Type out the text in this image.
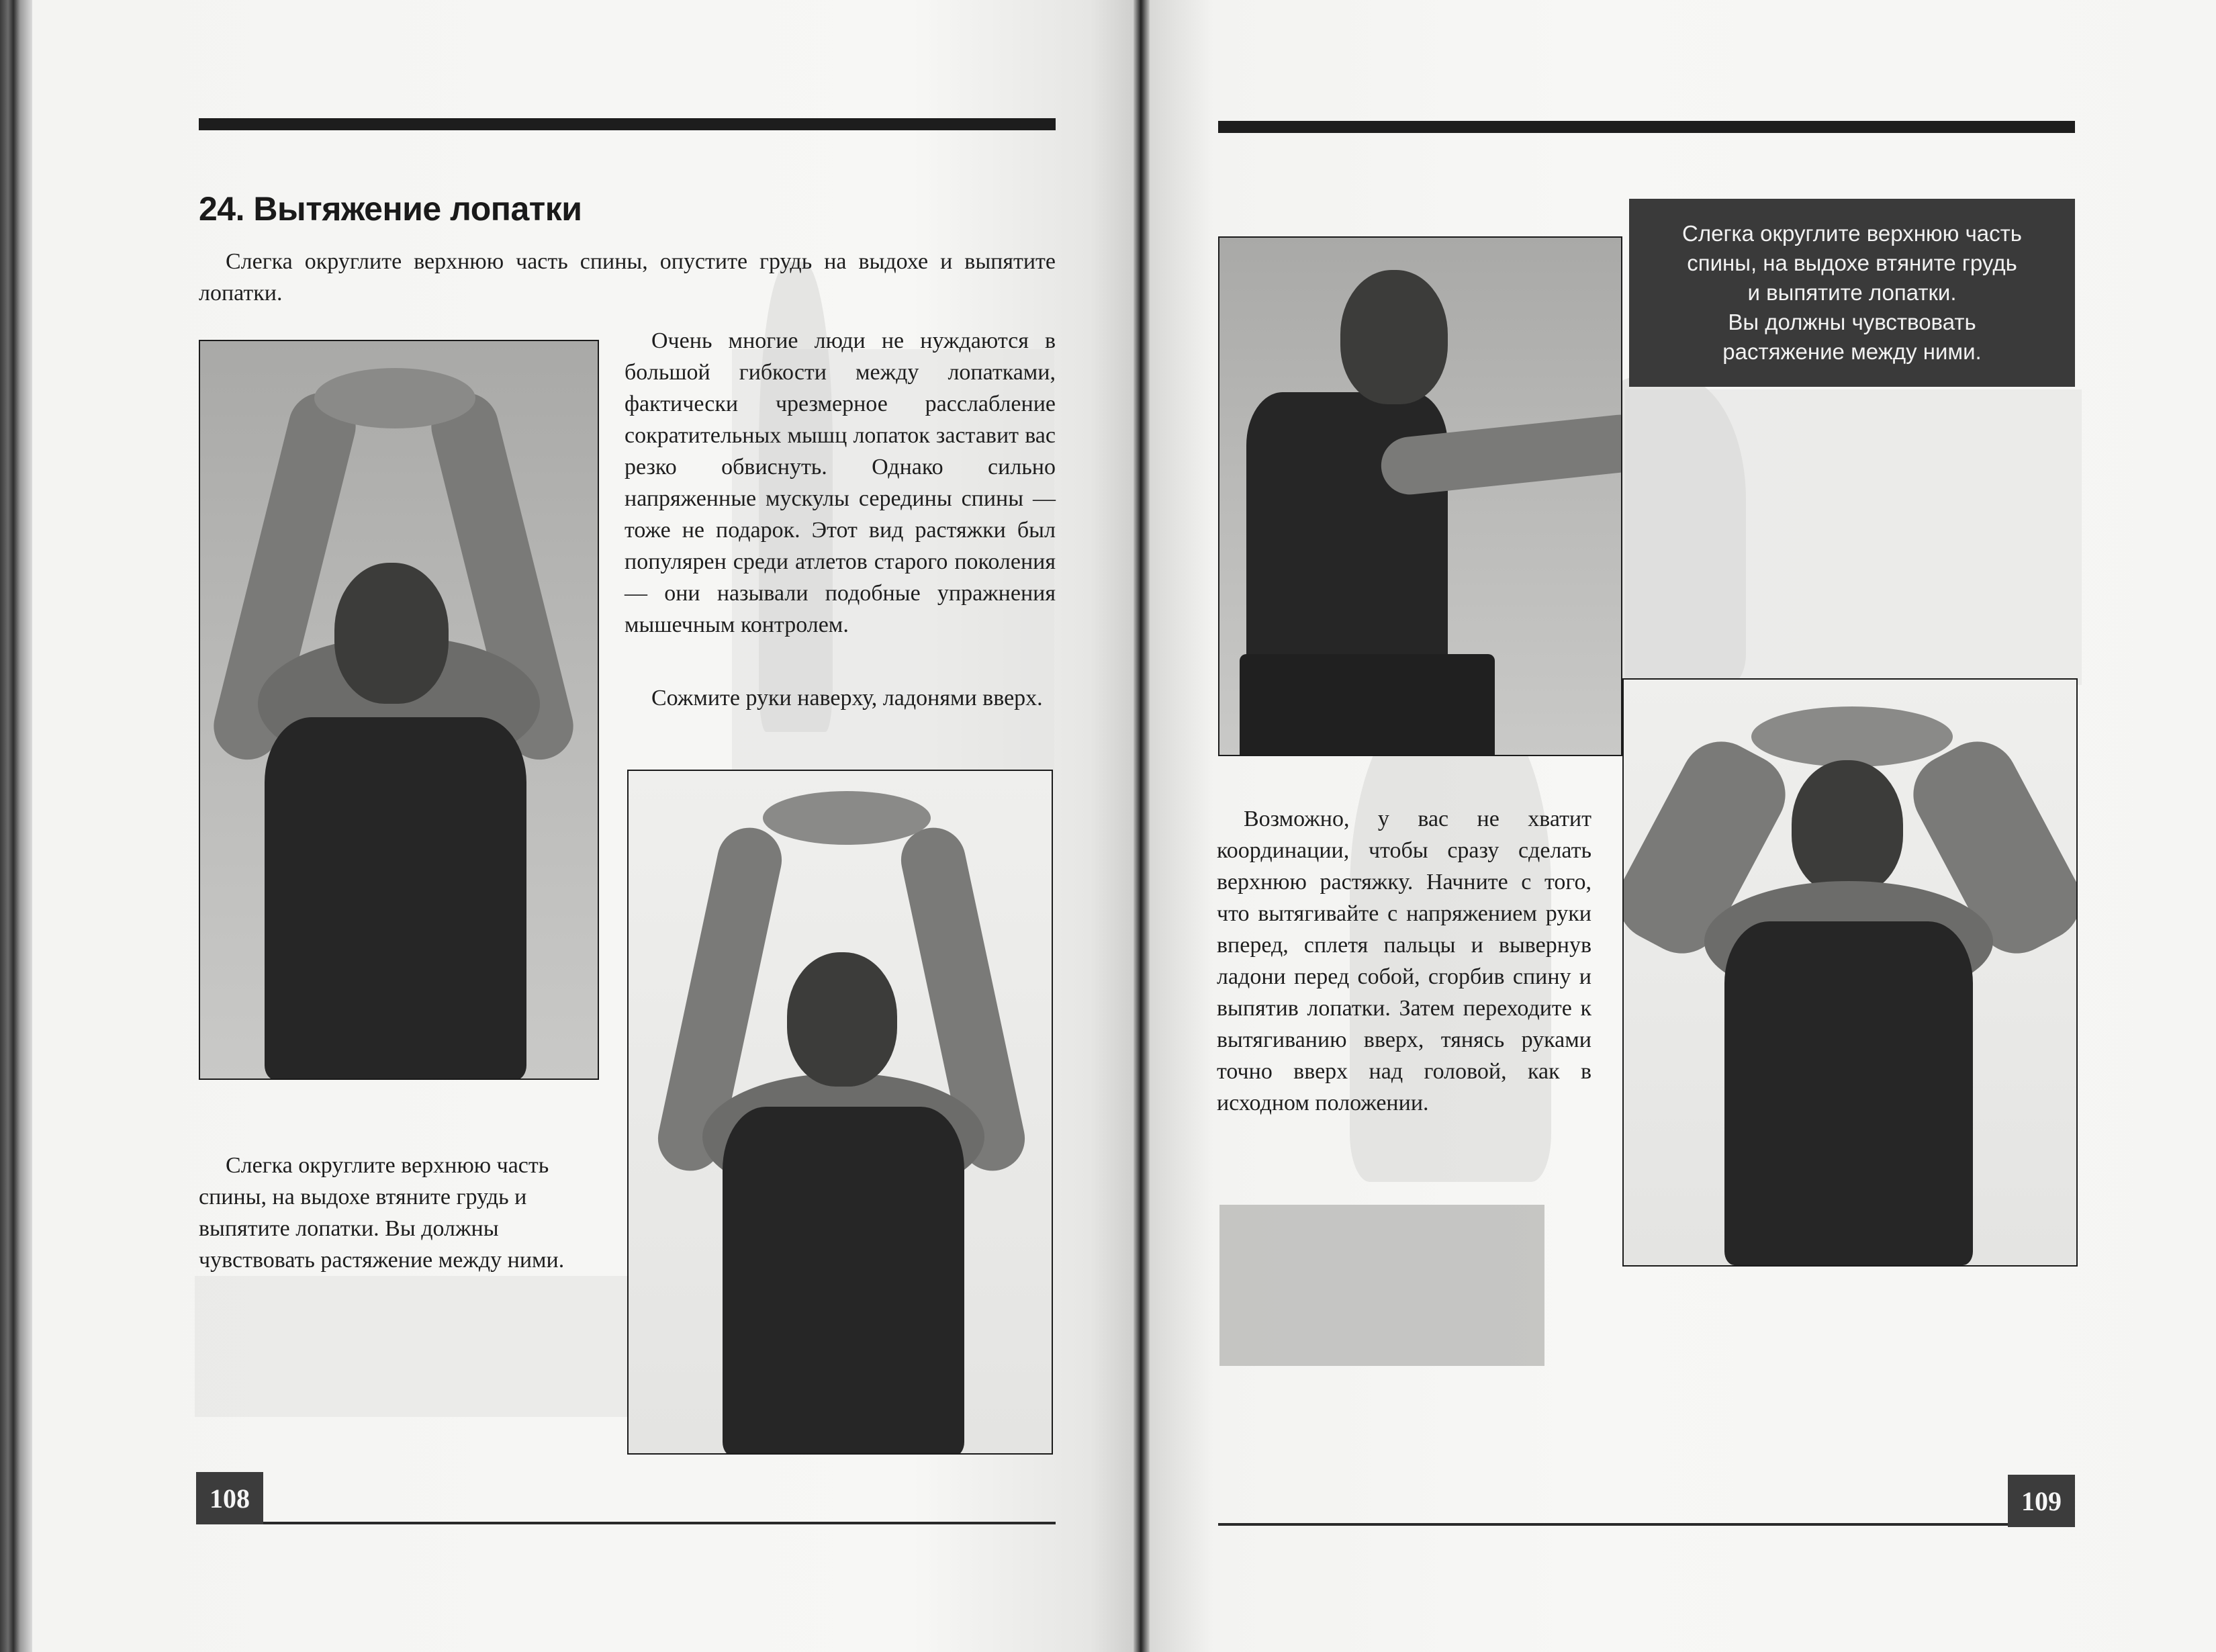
24. Вытяжение лопатки

Слегка округлите верхнюю часть спины, опустите грудь на выдохе и выпятите лопатки.

Очень многие люди не нуждаются в большой гибкости между лопатками, фактически чрезмерное расслабление сократительных мышц лопаток заставит вас резко обвиснуть. Однако сильно напряженные мускулы середины спины — тоже не подарок. Этот вид растяжки был популярен среди атлетов старого поколения — они называли подобные упражнения мышечным контролем.

Сожмите руки наверху, ладонями вверх.

Слегка округлите верхнюю часть спины, на выдохе втяните грудь и выпятите лопатки. Вы должны чувствовать растяжение между ними.

108
Слегка округлите верхнюю часть
спины, на выдохе втяните грудь
и выпятите лопатки.
Вы должны чувствовать
растяжение между ними.

Возможно, у вас не хватит координации, чтобы сразу сделать верхнюю растяжку. Начните с того, что вытягивайте с напряжением руки вперед, сплетя пальцы и вывернув ладони перед собой, сгорбив спину и выпятив лопатки. Затем переходите к вытягиванию вверх, тянясь руками точно вверх над головой, как в исходном положении.

109
